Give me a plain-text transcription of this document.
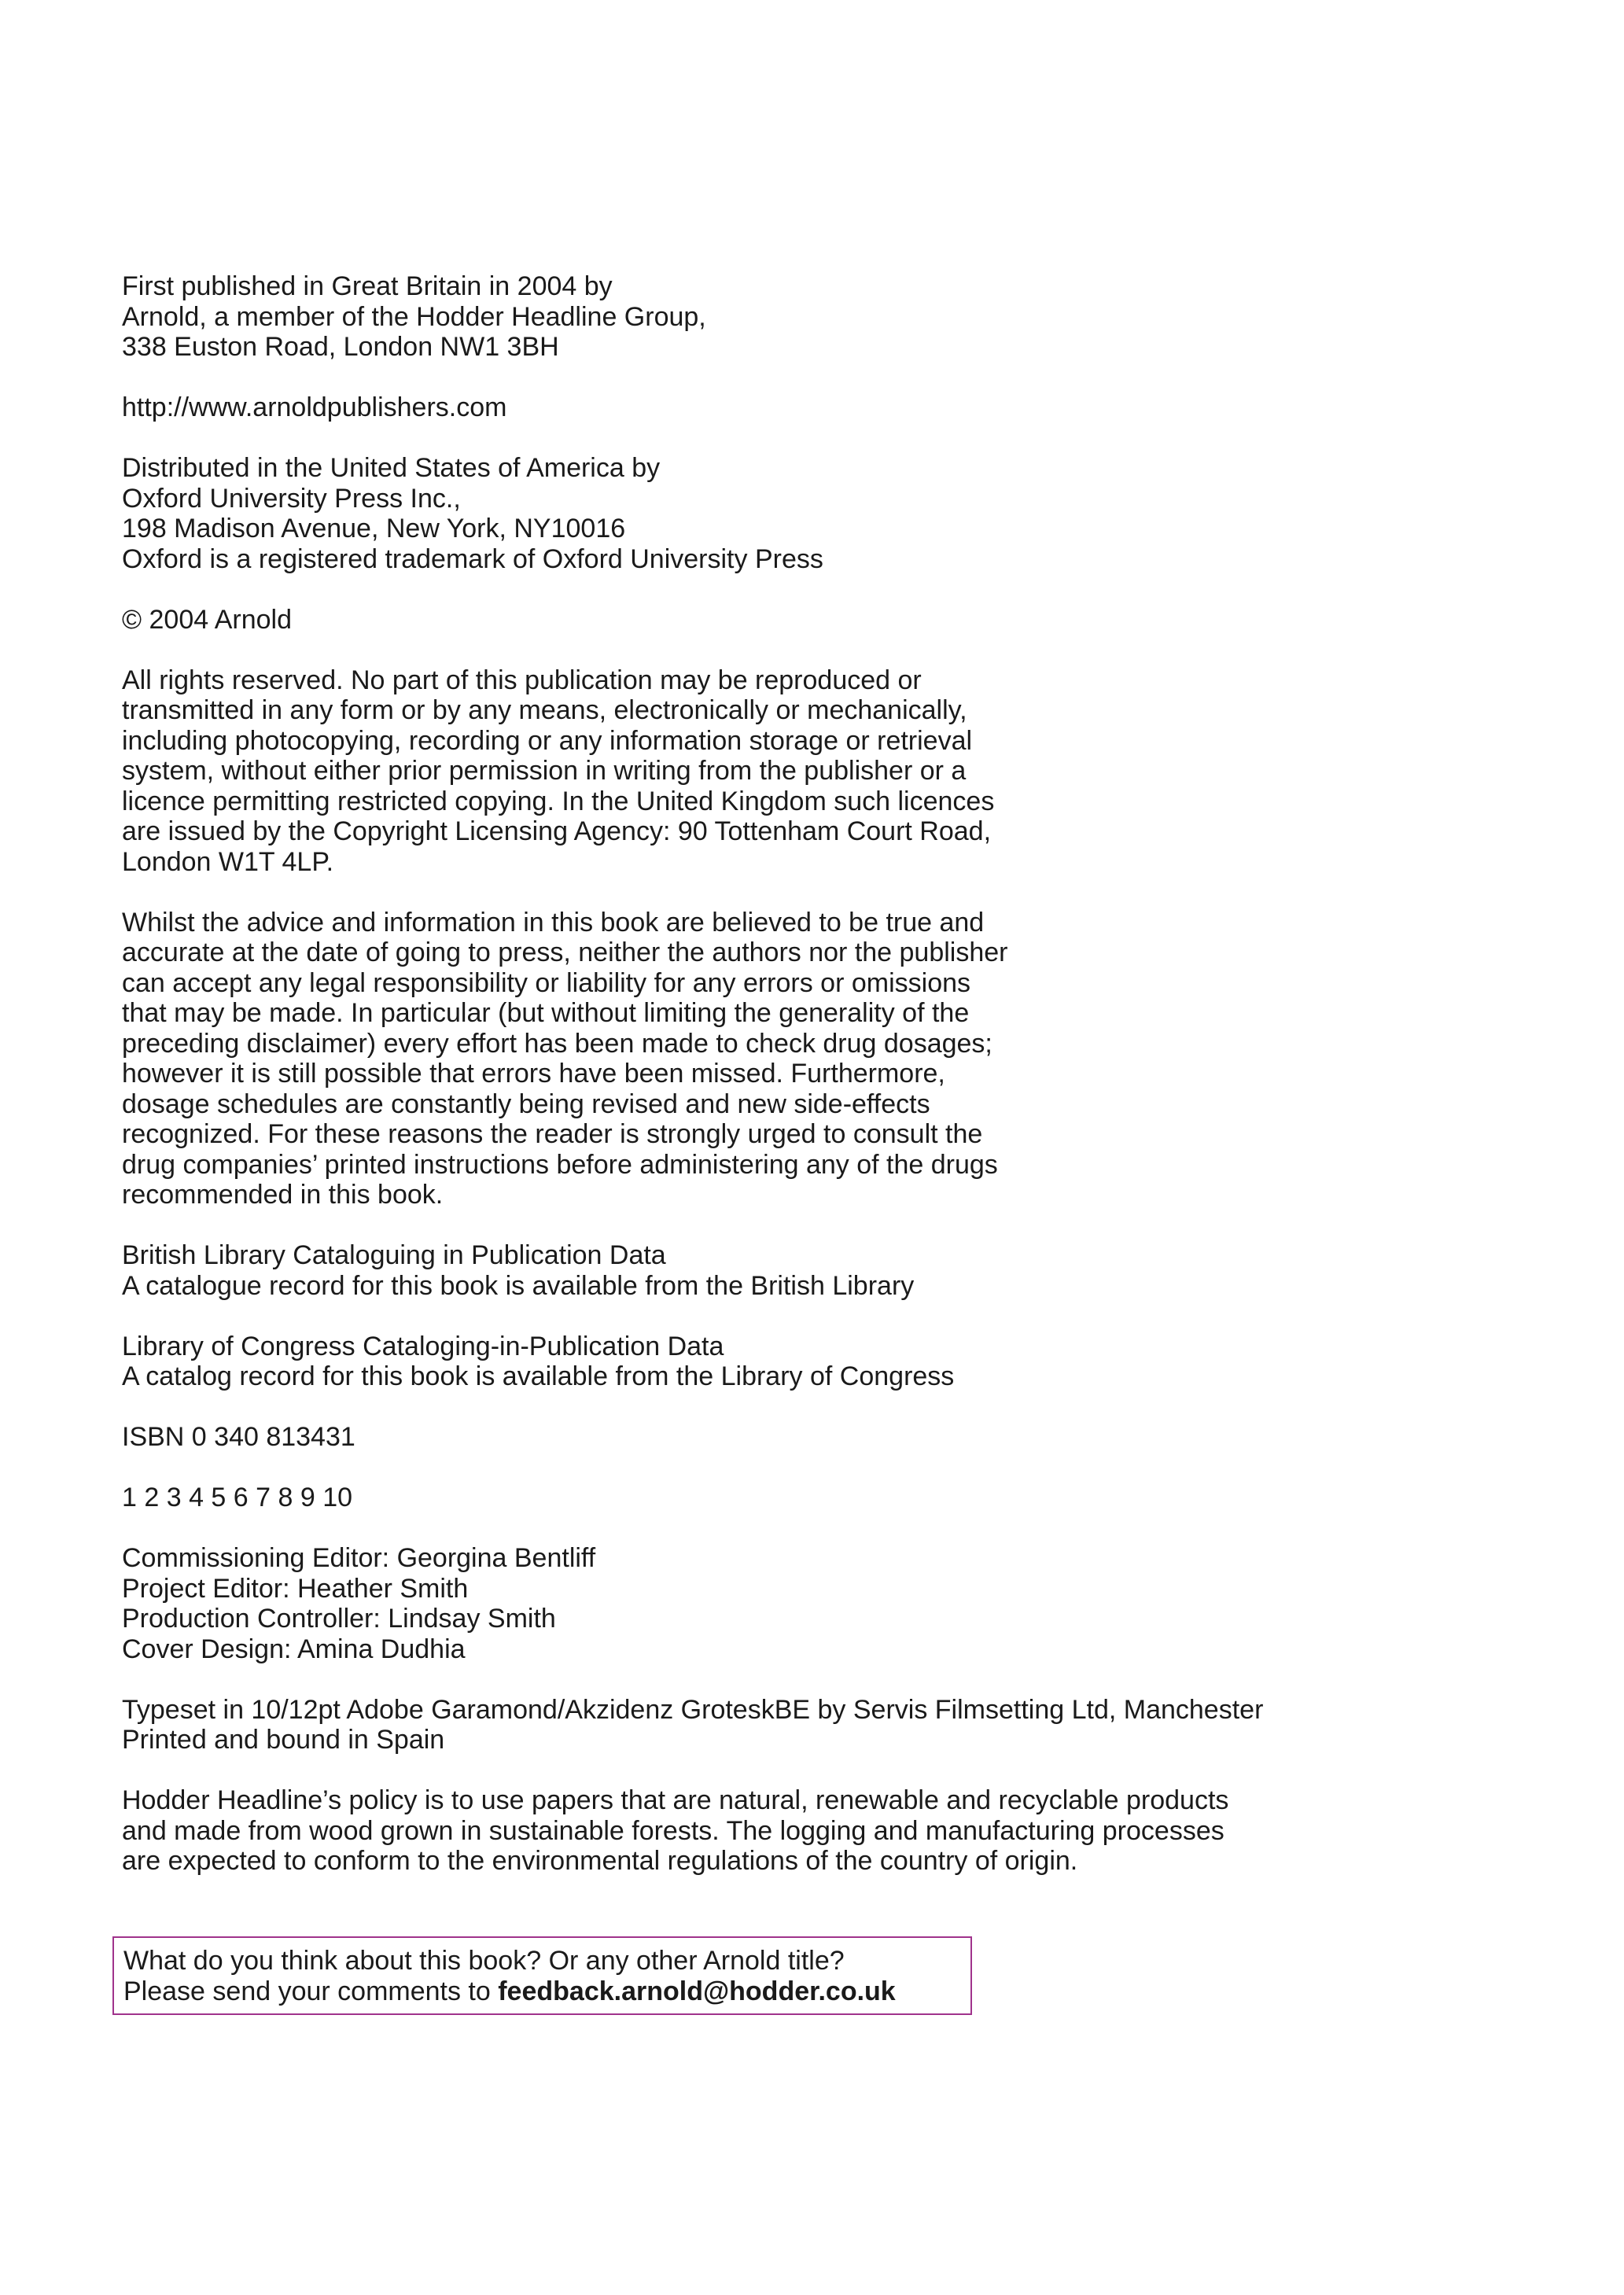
First published in Great Britain in 2004 by
Arnold, a member of the Hodder Headline Group,
338 Euston Road, London NW1 3BH
http://www.arnoldpublishers.com
Distributed in the United States of America by
Oxford University Press Inc.,
198 Madison Avenue, New York, NY10016
Oxford is a registered trademark of Oxford University Press
© 2004 Arnold
All rights reserved. No part of this publication may be reproduced or
transmitted in any form or by any means, electronically or mechanically,
including photocopying, recording or any information storage or retrieval
system, without either prior permission in writing from the publisher or a
licence permitting restricted copying. In the United Kingdom such licences
are issued by the Copyright Licensing Agency: 90 Tottenham Court Road,
London W1T 4LP.
Whilst the advice and information in this book are believed to be true and
accurate at the date of going to press, neither the authors nor the publisher
can accept any legal responsibility or liability for any errors or omissions
that may be made. In particular (but without limiting the generality of the
preceding disclaimer) every effort has been made to check drug dosages;
however it is still possible that errors have been missed. Furthermore,
dosage schedules are constantly being revised and new side-effects
recognized. For these reasons the reader is strongly urged to consult the
drug companies’ printed instructions before administering any of the drugs
recommended in this book.
British Library Cataloguing in Publication Data
A catalogue record for this book is available from the British Library
Library of Congress Cataloging-in-Publication Data
A catalog record for this book is available from the Library of Congress
ISBN 0 340 813431
1 2 3 4 5 6 7 8 9 10
Commissioning Editor: Georgina Bentliff
Project Editor: Heather Smith
Production Controller: Lindsay Smith
Cover Design: Amina Dudhia
Typeset in 10/12pt Adobe Garamond/Akzidenz GroteskBE by Servis Filmsetting Ltd, Manchester
Printed and bound in Spain
Hodder Headline’s policy is to use papers that are natural, renewable and recyclable products
and made from wood grown in sustainable forests. The logging and manufacturing processes
are expected to conform to the environmental regulations of the country of origin.
What do you think about this book? Or any other Arnold title?
Please send your comments to feedback.arnold@hodder.co.uk
